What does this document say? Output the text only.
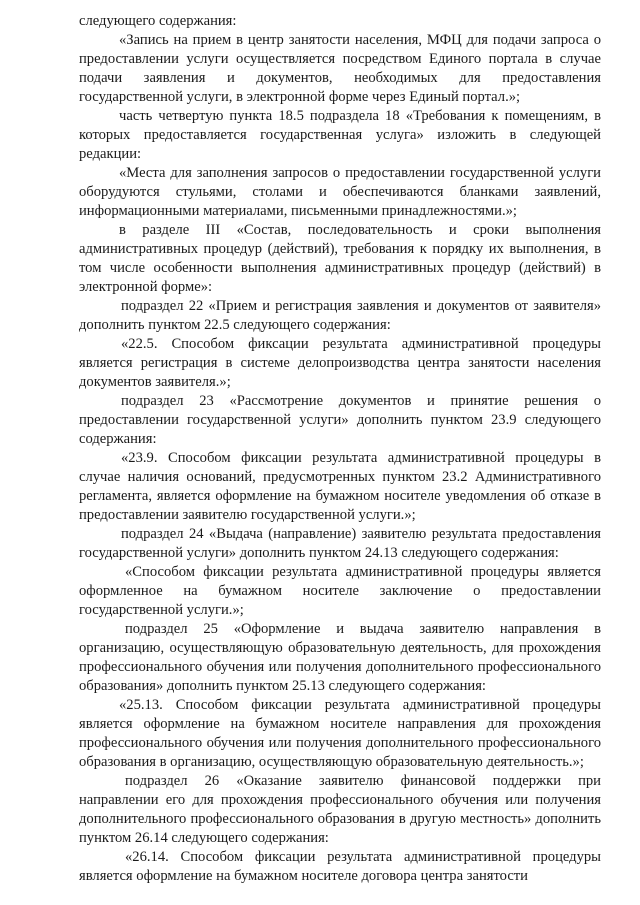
следующего содержания:

«Запись на прием в центр занятости населения, МФЦ для подачи запроса о предоставлении услуги осуществляется посредством Единого портала в случае подачи заявления и документов, необходимых для предоставления государственной услуги, в электронной форме через Единый портал.»;

часть четвертую пункта 18.5 подраздела 18 «Требования к помещениям, в которых предоставляется государственная услуга» изложить в следующей редакции:

«Места для заполнения запросов о предоставлении государственной услуги оборудуются стульями, столами и обеспечиваются бланками заявлений, информационными материалами, письменными принадлежностями.»;

в разделе III «Состав, последовательность и сроки выполнения административных процедур (действий), требования к порядку их выполнения, в том числе особенности выполнения административных процедур (действий) в электронной форме»:

подраздел 22 «Прием и регистрация заявления и документов от заявителя» дополнить пунктом 22.5 следующего содержания:

«22.5. Способом фиксации результата административной процедуры является регистрация в системе делопроизводства центра занятости населения документов заявителя.»;

подраздел 23 «Рассмотрение документов и принятие решения о предоставлении государственной услуги» дополнить пунктом 23.9 следующего содержания:

«23.9. Способом фиксации результата административной процедуры в случае наличия оснований, предусмотренных пунктом 23.2 Административного регламента, является оформление на бумажном носителе уведомления об отказе в предоставлении заявителю государственной услуги.»;

подраздел 24 «Выдача (направление) заявителю результата предоставления государственной услуги» дополнить пунктом 24.13 следующего содержания:

«Способом фиксации результата административной процедуры является оформленное на бумажном носителе заключение о предоставлении государственной услуги.»;

подраздел 25 «Оформление и выдача заявителю направления в организацию, осуществляющую образовательную деятельность, для прохождения профессионального обучения или получения дополнительного профессионального образования» дополнить пунктом 25.13 следующего содержания:

«25.13. Способом фиксации результата административной процедуры является оформление на бумажном носителе направления для прохождения профессионального обучения или получения дополнительного профессионального образования в организацию, осуществляющую образовательную деятельность.»;

подраздел 26 «Оказание заявителю финансовой поддержки при направлении его для прохождения профессионального обучения или получения дополнительного профессионального образования в другую местность» дополнить пунктом 26.14 следующего содержания:

«26.14. Способом фиксации результата административной процедуры является оформление на бумажном носителе договора центра занятости
